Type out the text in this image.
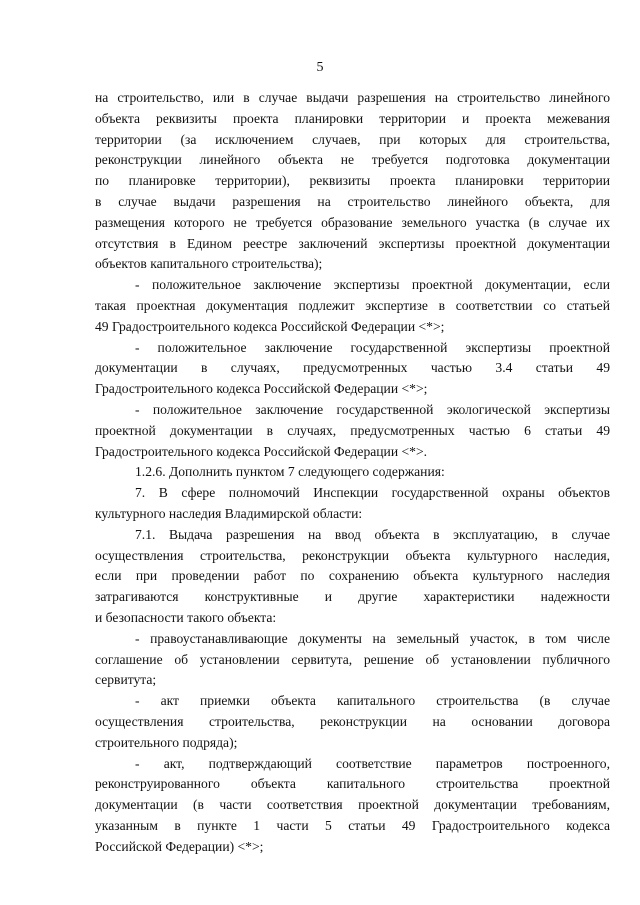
5
на строительство, или в случае выдачи разрешения на строительство линейного
объекта реквизиты проекта планировки территории и проекта межевания
территории (за исключением случаев, при которых для строительства,
реконструкции линейного объекта не требуется подготовка документации
по планировке территории), реквизиты проекта планировки территории
в случае выдачи разрешения на строительство линейного объекта, для
размещения которого не требуется образование земельного участка (в случае их
отсутствия в Едином реестре заключений экспертизы проектной документации
объектов капитального строительства);
- положительное заключение экспертизы проектной документации, если
такая проектная документация подлежит экспертизе в соответствии со статьей
49 Градостроительного кодекса Российской Федерации <*>;
- положительное заключение государственной экспертизы проектной
документации в случаях, предусмотренных частью 3.4 статьи 49
Градостроительного кодекса Российской Федерации <*>;
- положительное заключение государственной экологической экспертизы
проектной документации в случаях, предусмотренных частью 6 статьи 49
Градостроительного кодекса Российской Федерации <*>.
1.2.6. Дополнить пунктом 7 следующего содержания:
7. В сфере полномочий Инспекции государственной охраны объектов
культурного наследия Владимирской области:
7.1. Выдача разрешения на ввод объекта в эксплуатацию, в случае
осуществления строительства, реконструкции объекта культурного наследия,
если при проведении работ по сохранению объекта культурного наследия
затрагиваются конструктивные и другие характеристики надежности
и безопасности такого объекта:
- правоустанавливающие документы на земельный участок, в том числе
соглашение об установлении сервитута, решение об установлении публичного
сервитута;
- акт приемки объекта капитального строительства (в случае
осуществления строительства, реконструкции на основании договора
строительного подряда);
- акт, подтверждающий соответствие параметров построенного,
реконструированного объекта капитального строительства проектной
документации (в части соответствия проектной документации требованиям,
указанным в пункте 1 части 5 статьи 49 Градостроительного кодекса
Российской Федерации) <*>;
